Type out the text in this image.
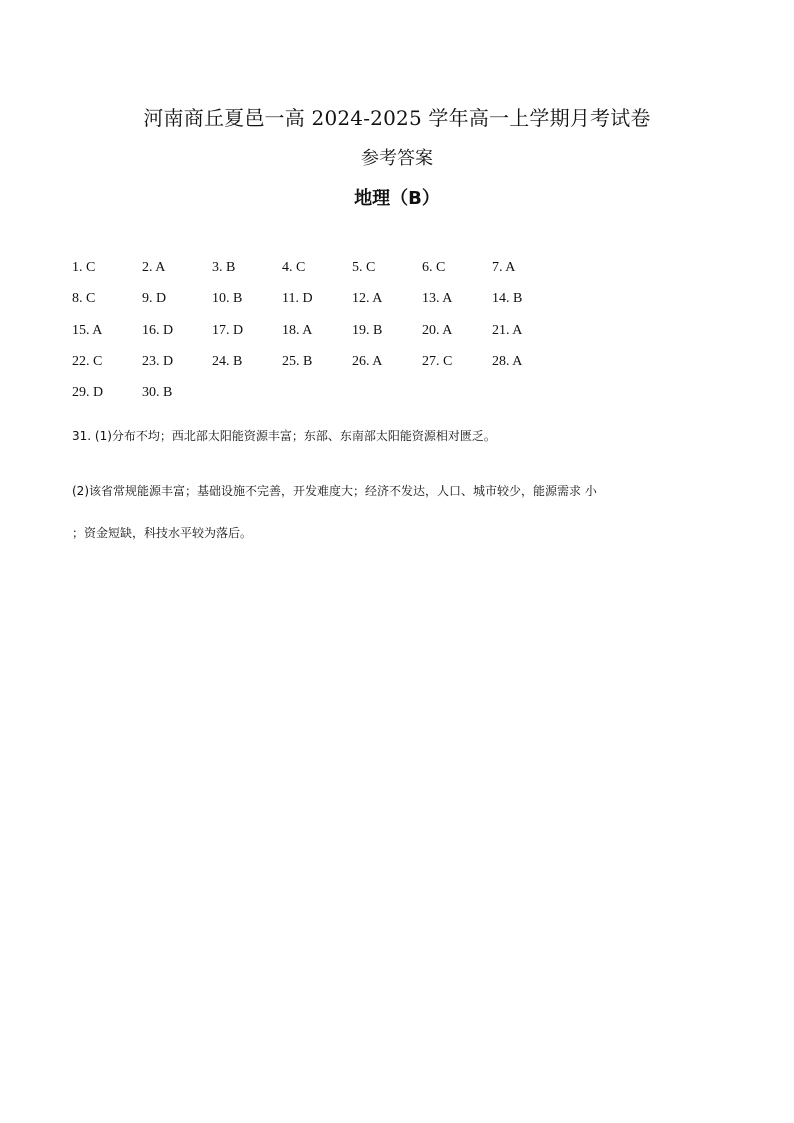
河南商丘夏邑一高 2024-2025 学年高一上学期月考试卷
参考答案
地理（B）
1. C	2. A	3. B	4. C	5. C	6. C	7. A
8. C	9. D	10. B	11. D	12. A	13. A	14. B
15. A	16. D	17. D	18. A	19. B	20. A	21. A
22. C	23. D	24. B	25. B	26. A	27. C	28. A
29. D	30. B
31. (1)分布不均；西北部太阳能资源丰富；东部、东南部太阳能资源相对匮乏。
(2)该省常规能源丰富；基础设施不完善，开发难度大；经济不发达，人口、城市较少，能源需求 小
；资金短缺，科技水平较为落后。
